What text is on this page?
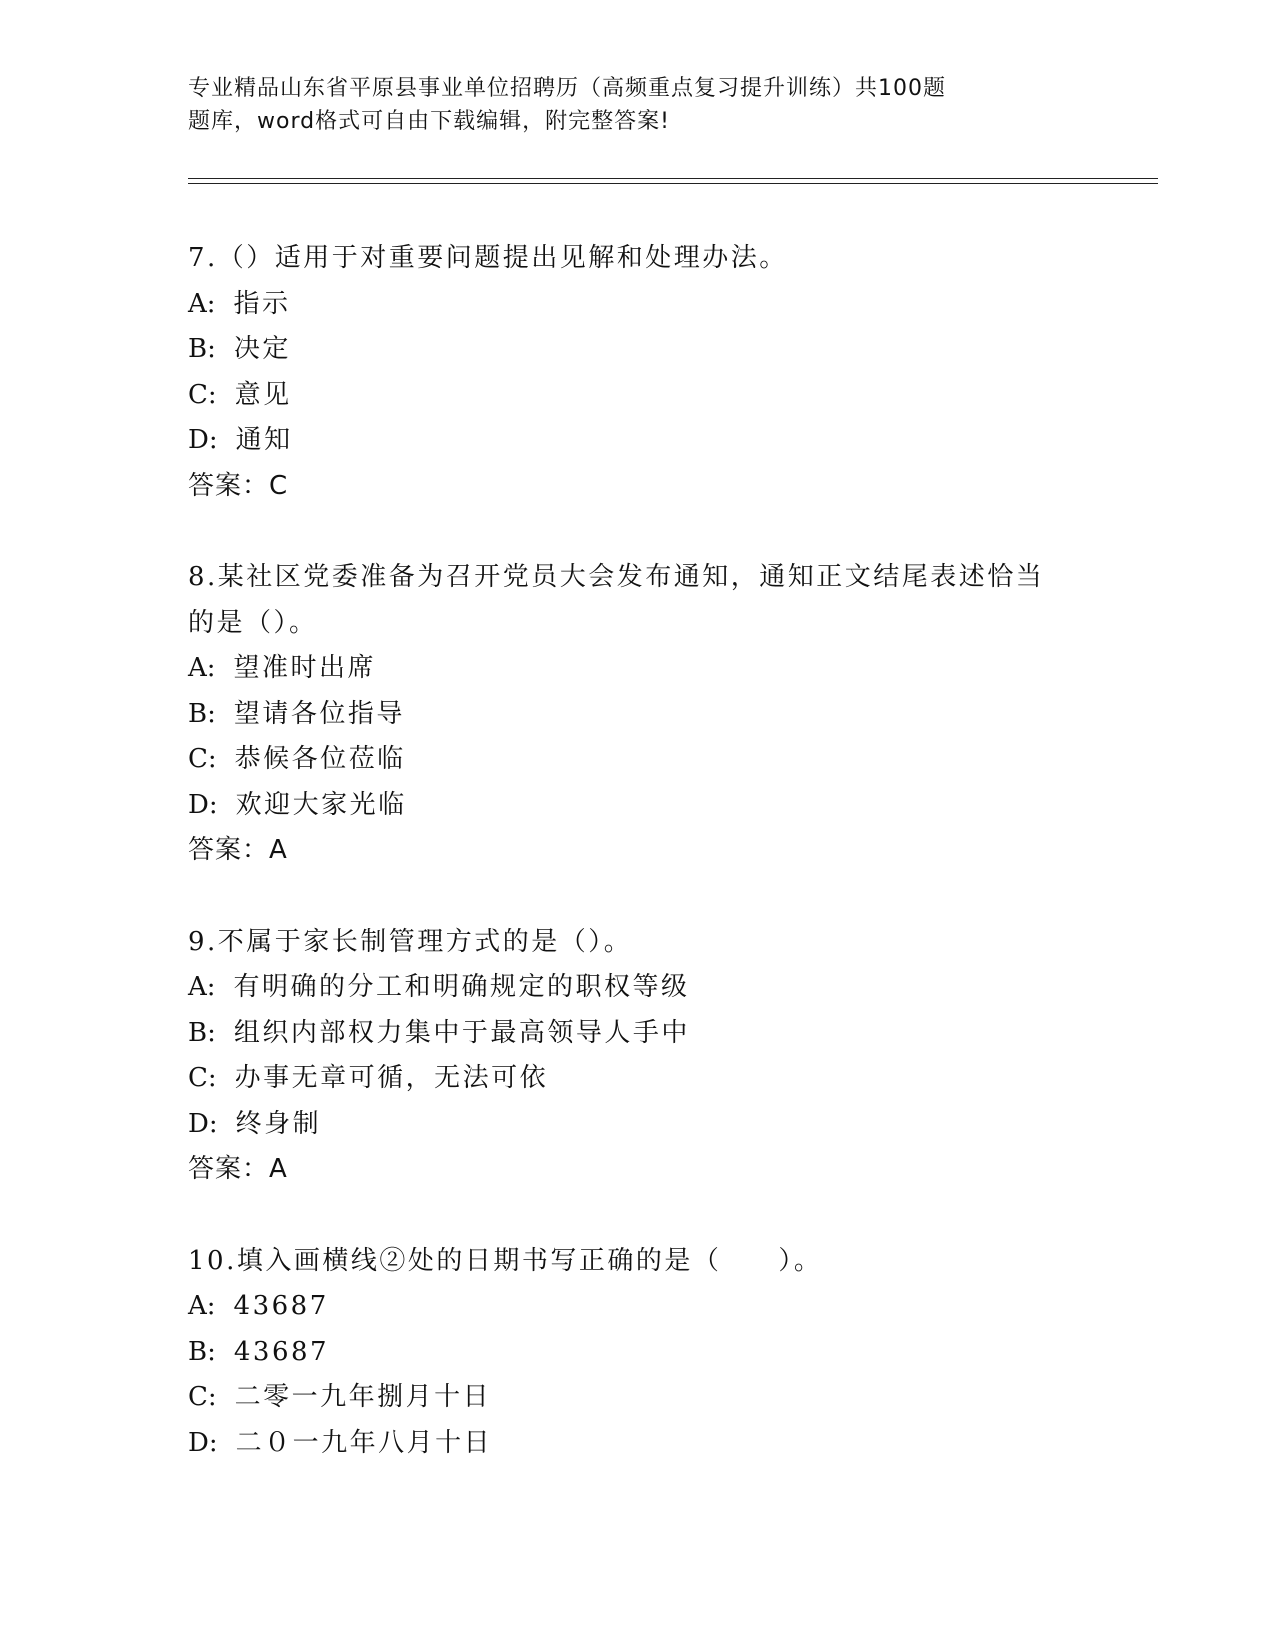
专业精品山东省平原县事业单位招聘历（高频重点复习提升训练）共100题
题库，word格式可自由下载编辑，附完整答案!
7.（）适用于对重要问题提出见解和处理办法。
A: 指示
B: 决定
C: 意见
D: 通知
答案：C
8.某社区党委准备为召开党员大会发布通知，通知正文结尾表述恰当
的是（）。
A: 望准时出席
B: 望请各位指导
C: 恭候各位莅临
D: 欢迎大家光临
答案：A
9.不属于家长制管理方式的是（）。
A: 有明确的分工和明确规定的职权等级
B: 组织内部权力集中于最高领导人手中
C: 办事无章可循，无法可依
D: 终身制
答案：A
10.填入画横线②处的日期书写正确的是（　　）。
A: 43687
B: 43687
C: 二零一九年捌月十日
D: 二０一九年八月十日
